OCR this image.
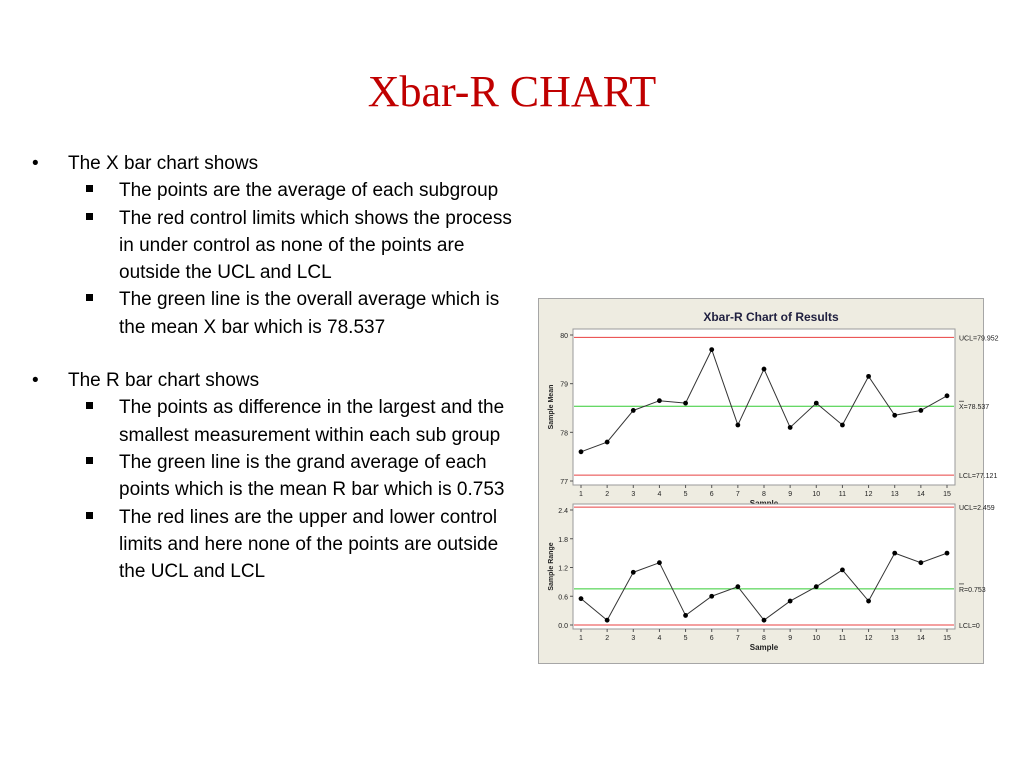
Xbar-R CHART
• The X bar chart shows
The points are the average of each subgroup
The red control limits which shows the process in under control as none of the points are outside the UCL and LCL
The green line is the overall average which is the mean X bar which is 78.537
• The R bar chart shows
The points as difference in the largest and the smallest measurement within each sub group
The green line is the grand average of each points which is the mean R bar which is 0.753
The red lines are the upper and lower control limits and here none of the points are outside the UCL and LCL
Xbar-R Chart of Results
UCL=79.952
X=78.537
LCL=77.121
77
78
79
80
1	2	3	4	5	6	7	8	9	10	11	12	13	14	15
Sample Mean
UCL=2.459
R=0.753
LCL=0
0.0
0.6
1.2
1.8
2.4
1	2	3	4	5	6	7	8	9	10	11	12	13	14	15
Sample
Sample Range
